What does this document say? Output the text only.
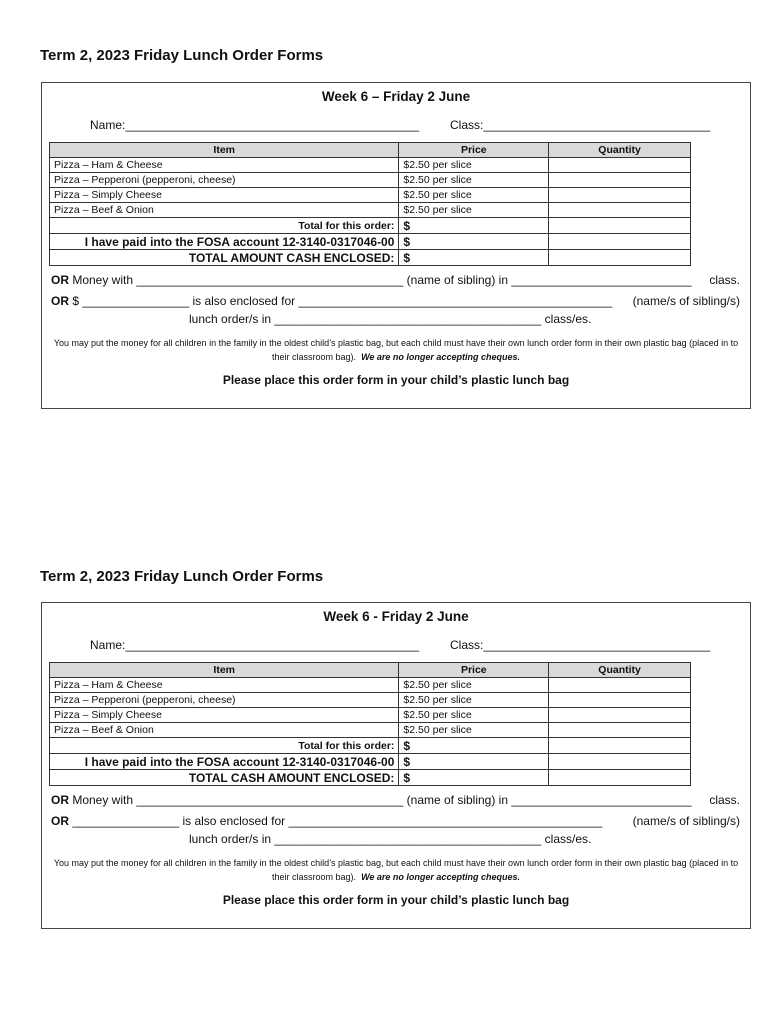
Term 2, 2023 Friday Lunch Order Forms
Week 6 – Friday 2 June
Name:____________________________________________	Class:__________________________________
Item	Price	Quantity
Pizza – Ham & Cheese	$2.50 per slice	
Pizza – Pepperoni (pepperoni, cheese)	$2.50 per slice	
Pizza – Simply Cheese	$2.50 per slice	
Pizza – Beef & Onion	$2.50 per slice	
Total for this order:	$	
I have paid into the FOSA account 12-3140-0317046-00	$	
TOTAL AMOUNT CASH ENCLOSED:	$	
OR Money with ________________________________________ (name of sibling) in ___________________________ class.
OR $ ________________ is also enclosed for _______________________________________________ (name/s of sibling/s)
lunch order/s in ________________________________________ class/es.
You may put the money for all children in the family in the oldest child’s plastic bag, but each child must have their own lunch order form in their own plastic bag (placed in to their classroom bag). We are no longer accepting cheques.
Please place this order form in your child’s plastic lunch bag
Term 2, 2023 Friday Lunch Order Forms
Week 6 - Friday 2 June
Name:____________________________________________	Class:__________________________________
Item	Price	Quantity
Pizza – Ham & Cheese	$2.50 per slice	
Pizza – Pepperoni (pepperoni, cheese)	$2.50 per slice	
Pizza – Simply Cheese	$2.50 per slice	
Pizza – Beef & Onion	$2.50 per slice	
Total for this order:	$	
I have paid into the FOSA account 12-3140-0317046-00	$	
TOTAL CASH AMOUNT ENCLOSED:	$	
OR Money with ________________________________________ (name of sibling) in ___________________________ class.
OR ________________ is also enclosed for _______________________________________________	(name/s of sibling/s)
lunch order/s in ________________________________________ class/es.
You may put the money for all children in the family in the oldest child’s plastic bag, but each child must have their own lunch order form in their own plastic bag (placed in to their classroom bag). We are no longer accepting cheques.
Please place this order form in your child’s plastic lunch bag
